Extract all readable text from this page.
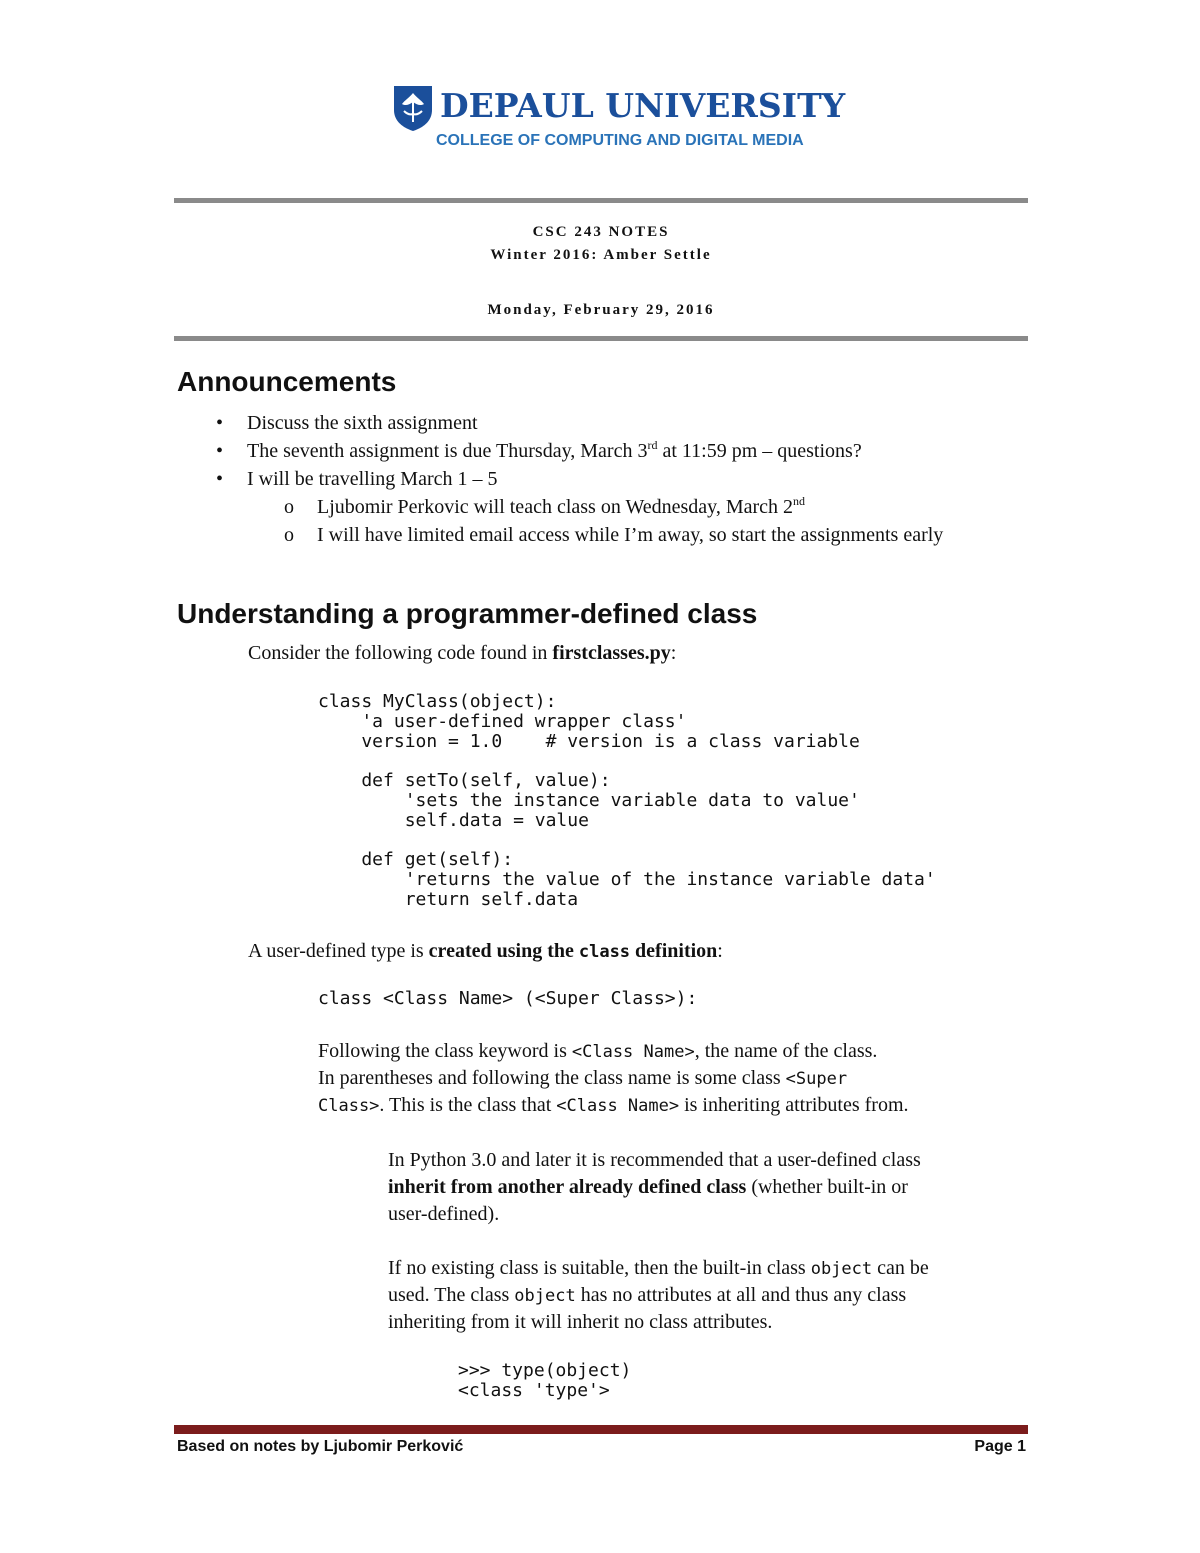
DEPAUL UNIVERSITY
COLLEGE OF COMPUTING AND DIGITAL MEDIA
CSC 243 NOTES
Winter 2016: Amber Settle
Monday, February 29, 2016
Announcements
• Discuss the sixth assignment
• The seventh assignment is due Thursday, March 3rd at 11:59 pm – questions?
• I will be travelling March 1 – 5
o Ljubomir Perkovic will teach class on Wednesday, March 2nd
o I will have limited email access while I’m away, so start the assignments early
Understanding a programmer-defined class
Consider the following code found in firstclasses.py:
class MyClass(object):
'a user-defined wrapper class'
version = 1.0    # version is a class variable

def setTo(self, value):
'sets the instance variable data to value'
self.data = value

def get(self):
'returns the value of the instance variable data'
return self.data
A user-defined type is created using the class definition:
class <Class Name> (<Super Class>):
Following the class keyword is <Class Name>, the name of the class.
In parentheses and following the class name is some class <Super
Class>. This is the class that <Class Name> is inheriting attributes from.
In Python 3.0 and later it is recommended that a user-defined class
inherit from another already defined class (whether built-in or
user-defined).
If no existing class is suitable, then the built-in class object can be
used. The class object has no attributes at all and thus any class
inheriting from it will inherit no class attributes.
>>> type(object)
<class 'type'>
Based on notes by Ljubomir Perković	Page 1
